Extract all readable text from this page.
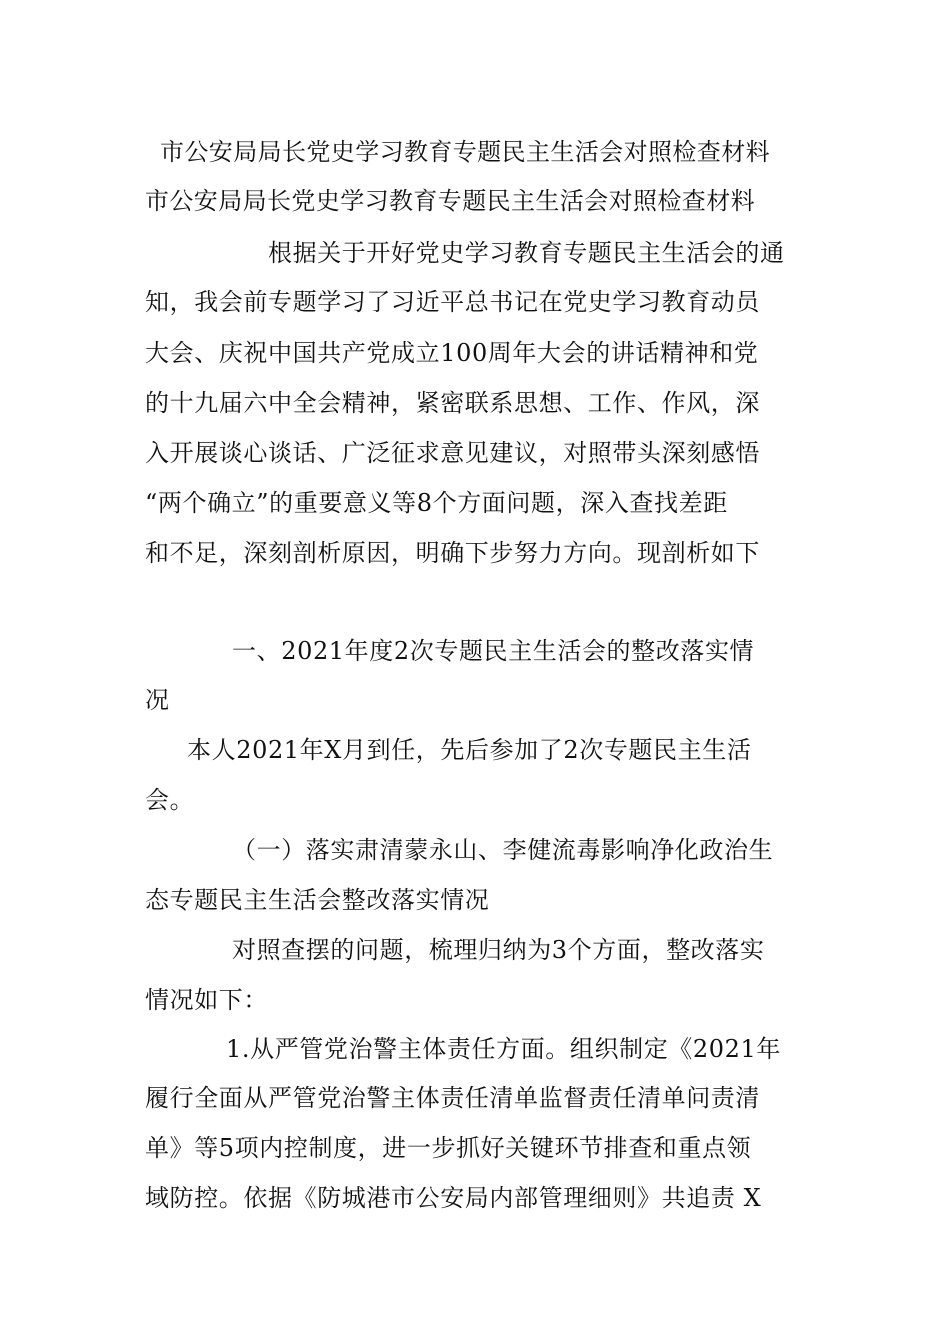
市公安局局长党史学习教育专题民主生活会对照检查材料
市公安局局长党史学习教育专题民主生活会对照检查材料
根据关于开好党史学习教育专题民主生活会的通
知，我会前专题学习了习近平总书记在党史学习教育动员
大会、庆祝中国共产党成立100周年大会的讲话精神和党
的十九届六中全会精神，紧密联系思想、工作、作风，深
入开展谈心谈话、广泛征求意见建议，对照带头深刻感悟
“两个确立”的重要意义等8个方面问题，深入查找差距
和不足，深刻剖析原因，明确下步努力方向。现剖析如下
一、2021年度2次专题民主生活会的整改落实情
况
本人2021年X月到任，先后参加了2次专题民主生活
会。
（一）落实肃清蒙永山、李健流毒影响净化政治生
态专题民主生活会整改落实情况
对照查摆的问题，梳理归纳为3个方面，整改落实
情况如下：
1.从严管党治警主体责任方面。组织制定《2021年
履行全面从严管党治警主体责任清单监督责任清单问责清
单》等5项内控制度，进一步抓好关键环节排查和重点领
域防控。依据《防城港市公安局内部管理细则》共追责 X
